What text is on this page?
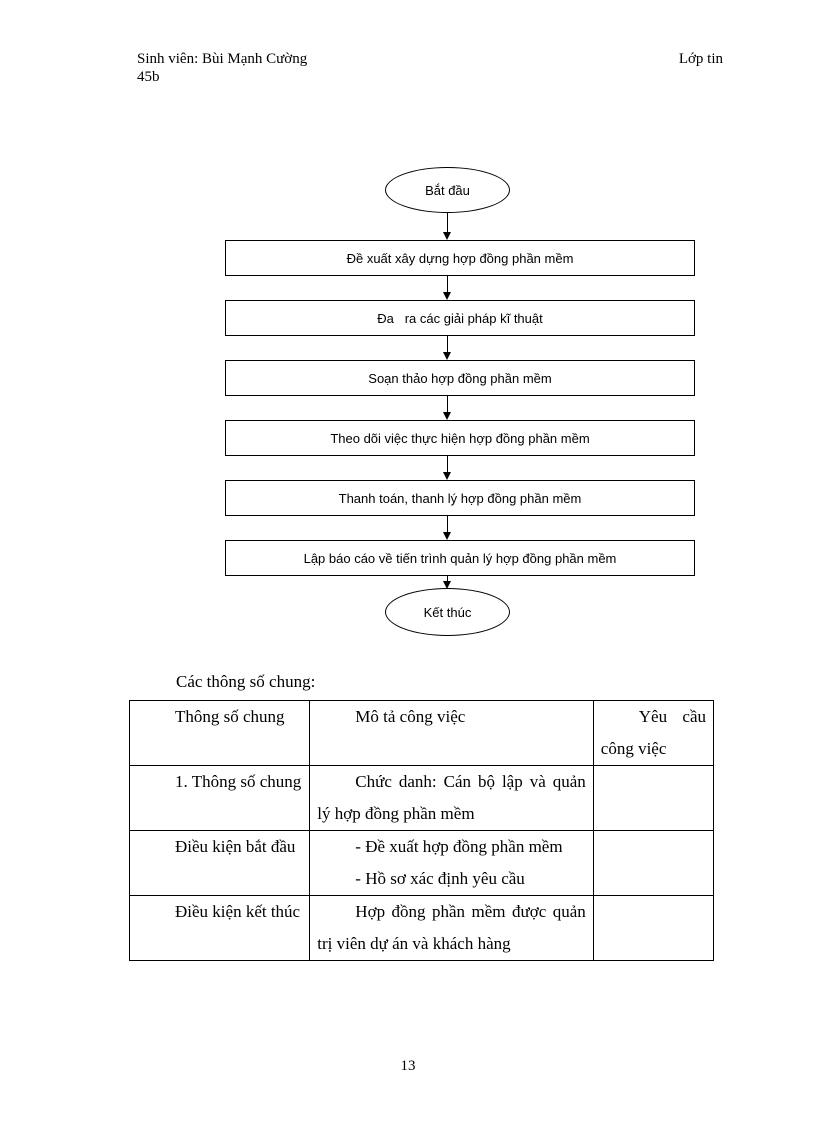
Sinh viên: Bùi Mạnh Cường
45b
Lớp tin
Bắt đầu
Đề xuất xây dựng hợp đồng phần mềm
Đa   ra các giải pháp kĩ thuật
Soạn thảo hợp đồng phần mềm
Theo dõi việc thực hiện hợp đồng phần mềm
Thanh toán, thanh lý hợp đồng phần mềm
Lập báo cáo về tiến trình quản lý hợp đồng phần mềm
Kết thúc
Các thông số chung:
Thông số chung	Mô tả công việc	Yêu cầu công việc
1. Thông số chung	Chức danh: Cán bộ lập và quản lý hợp đồng phần mềm	
Điều kiện bắt đầu	- Đề xuất hợp đồng phần mềm
- Hồ sơ xác định yêu cầu	

Điều kiện kết thúc	Hợp đồng phần mềm được quản trị viên dự án và khách hàng	
13
